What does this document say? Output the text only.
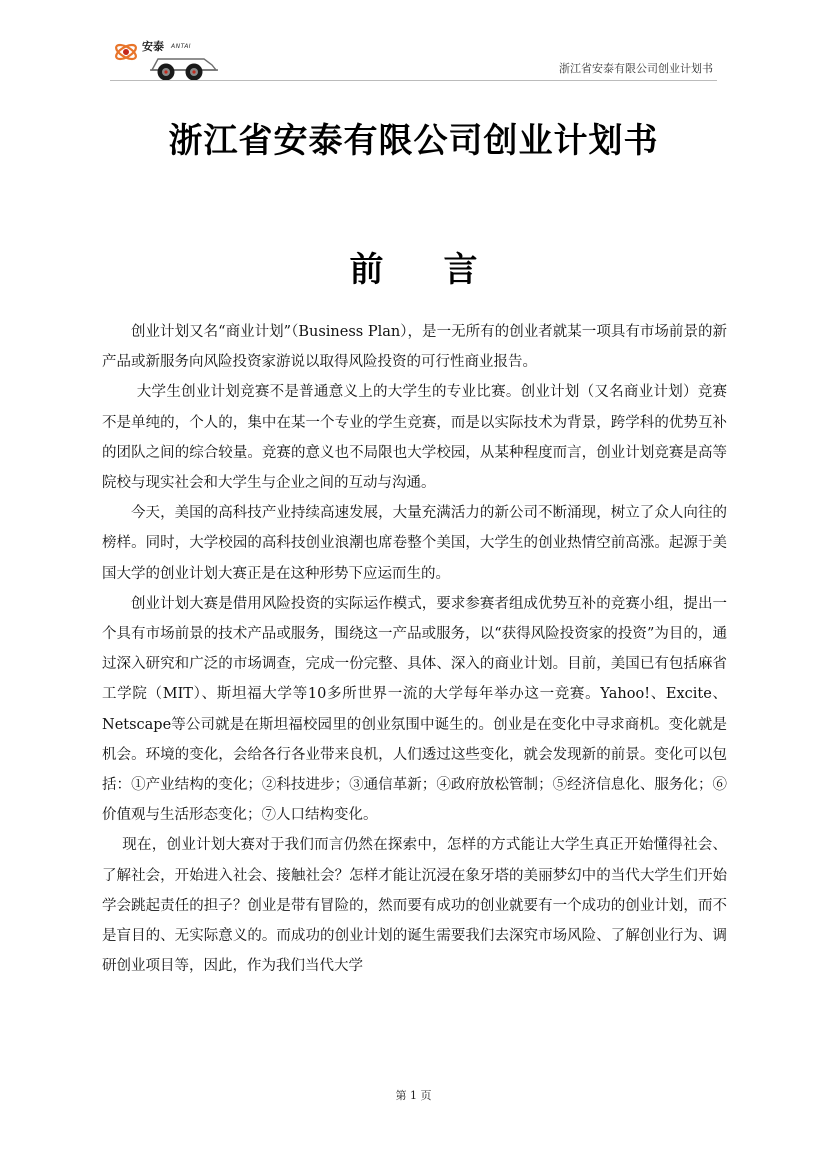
安泰 ANTAI
浙江省安泰有限公司创业计划书
浙江省安泰有限公司创业计划书
前 言

创业计划又名“商业计划”（Business Plan），是一无所有的创业者就某一项具有市场前景的新产品或新服务向风险投资家游说以取得风险投资的可行性商业报告。

大学生创业计划竞赛不是普通意义上的大学生的专业比赛。创业计划（又名商业计划）竞赛不是单纯的，个人的，集中在某一个专业的学生竞赛，而是以实际技术为背景，跨学科的优势互补的团队之间的综合较量。竞赛的意义也不局限也大学校园，从某种程度而言，创业计划竞赛是高等院校与现实社会和大学生与企业之间的互动与沟通。

今天，美国的高科技产业持续高速发展，大量充满活力的新公司不断涌现，树立了众人向往的榜样。同时，大学校园的高科技创业浪潮也席卷整个美国，大学生的创业热情空前高涨。起源于美国大学的创业计划大赛正是在这种形势下应运而生的。

创业计划大赛是借用风险投资的实际运作模式，要求参赛者组成优势互补的竞赛小组，提出一个具有市场前景的技术产品或服务，围绕这一产品或服务，以“获得风险投资家的投资”为目的，通过深入研究和广泛的市场调查，完成一份完整、具体、深入的商业计划。目前，美国已有包括麻省工学院（MIT）、斯坦福大学等10多所世界一流的大学每年举办这一竞赛。Yahoo!、Excite、Netscape等公司就是在斯坦福校园里的创业氛围中诞生的。创业是在变化中寻求商机。变化就是机会。环境的变化，会给各行各业带来良机，人们透过这些变化，就会发现新的前景。变化可以包括：①产业结构的变化；②科技进步；③通信革新；④政府放松管制；⑤经济信息化、服务化；⑥价值观与生活形态变化；⑦人口结构变化。

现在，创业计划大赛对于我们而言仍然在探索中，怎样的方式能让大学生真正开始懂得社会、了解社会，开始进入社会、接触社会？怎样才能让沉浸在象牙塔的美丽梦幻中的当代大学生们开始学会跳起责任的担子？创业是带有冒险的，然而要有成功的创业就要有一个成功的创业计划，而不是盲目的、无实际意义的。而成功的创业计划的诞生需要我们去深究市场风险、了解创业行为、调研创业项目等，因此，作为我们当代大学

第 1 页
